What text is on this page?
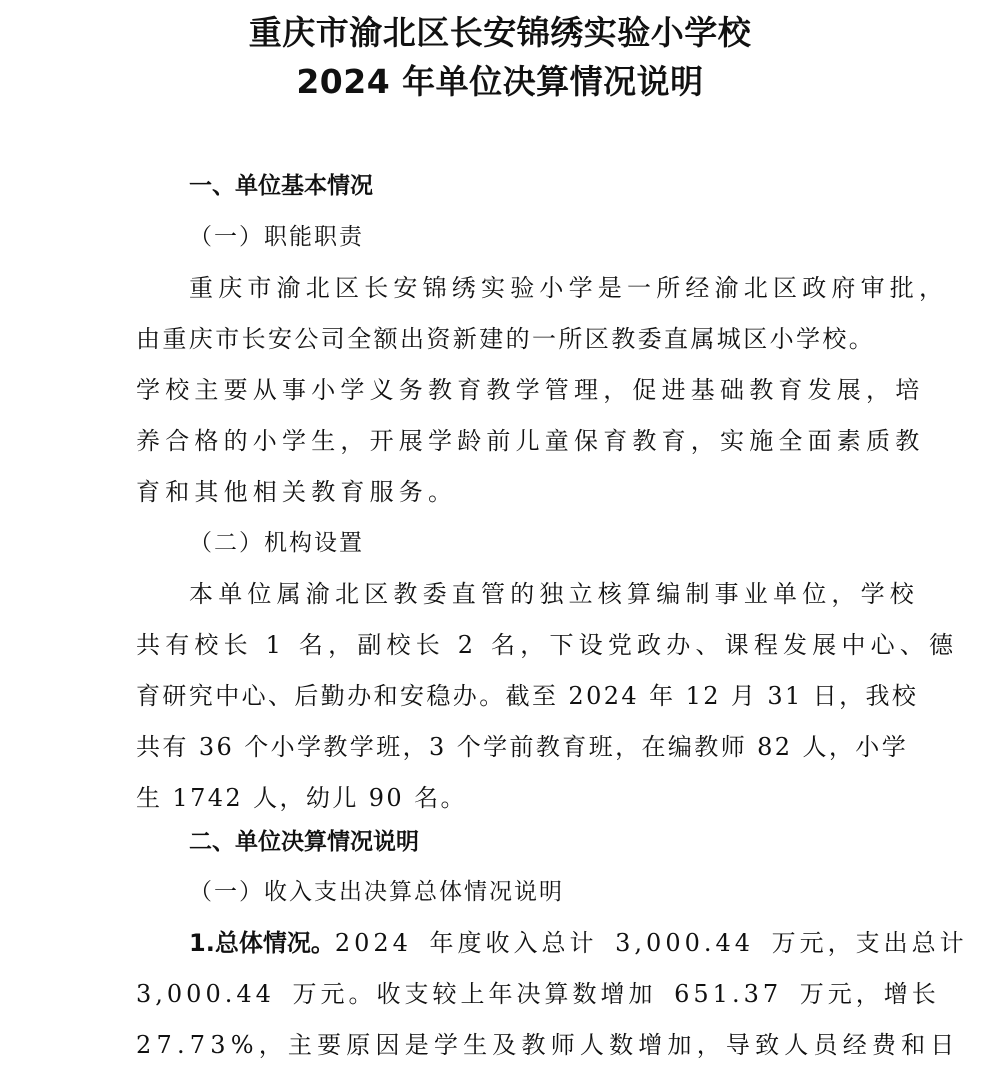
重庆市渝北区长安锦绣实验小学校
2024 年单位决算情况说明
一、单位基本情况
（一）职能职责
重庆市渝北区长安锦绣实验小学是一所经渝北区政府审批，
由重庆市长安公司全额出资新建的一所区教委直属城区小学校。
学校主要从事小学义务教育教学管理，促进基础教育发展，培
养合格的小学生，开展学龄前儿童保育教育，实施全面素质教
育和其他相关教育服务。
（二）机构设置
本单位属渝北区教委直管的独立核算编制事业单位，学校
共有校长 1 名，副校长 2 名，下设党政办、课程发展中心、德
育研究中心、后勤办和安稳办。截至 2024 年 12 月 31 日，我校
共有 36 个小学教学班，3 个学前教育班，在编教师 82 人，小学
生 1742 人，幼儿 90 名。
二、单位决算情况说明
（一）收入支出决算总体情况说明
1.总体情况。2024 年度收入总计 3,000.44 万元，支出总计
3,000.44 万元。收支较上年决算数增加 651.37 万元，增长
27.73%，主要原因是学生及教师人数增加，导致人员经费和日
